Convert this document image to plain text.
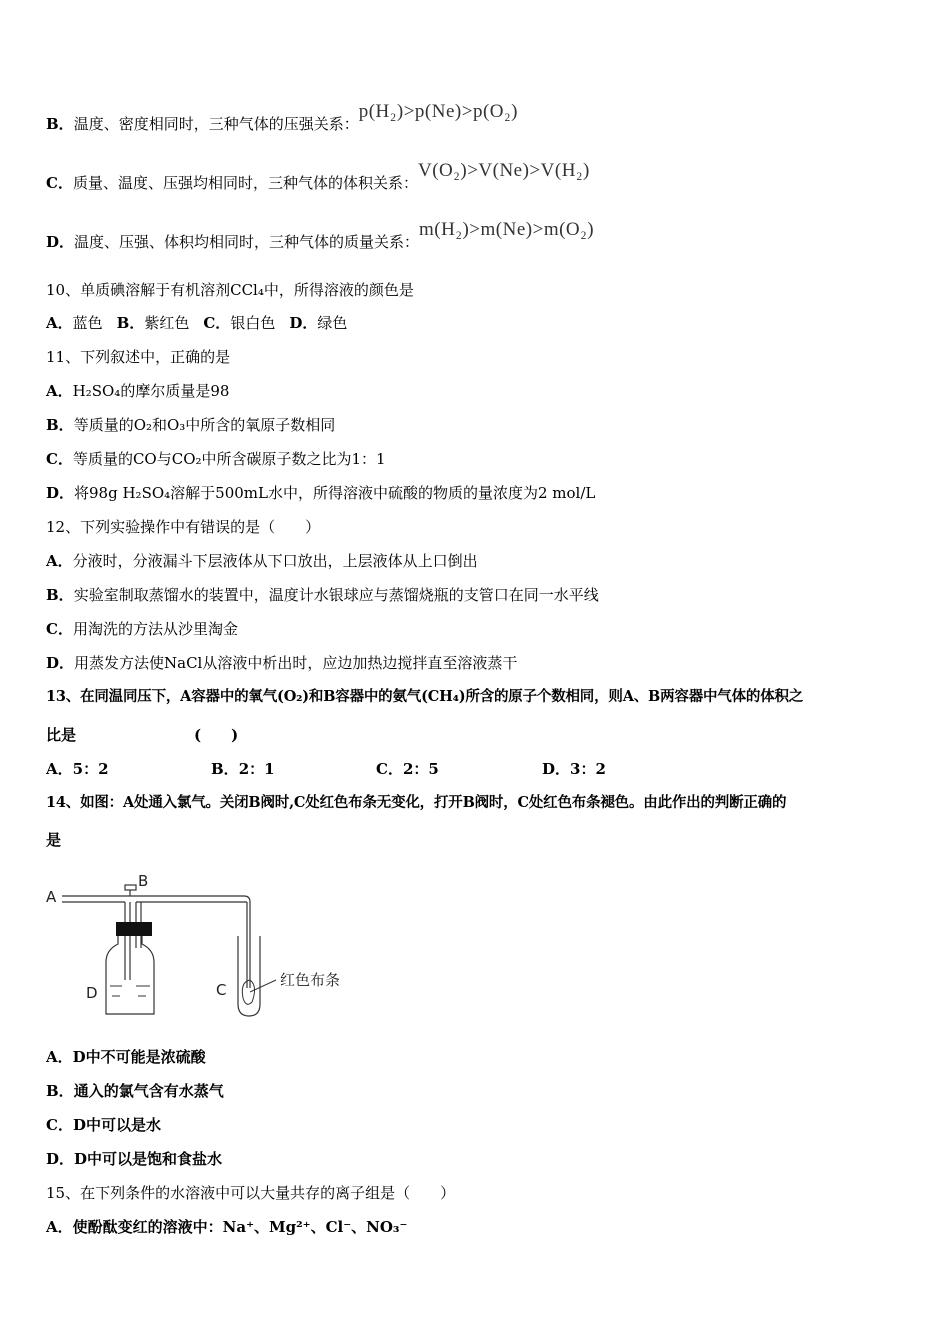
B．温度、密度相同时，三种气体的压强关系：p(H₂)>p(Ne)>p(O₂)
C．质量、温度、压强均相同时，三种气体的体积关系：V(O₂)>V(Ne)>V(H₂)
D．温度、压强、体积均相同时，三种气体的质量关系：m(H₂)>m(Ne)>m(O₂)
10、单质碘溶解于有机溶剂CCl₄中，所得溶液的颜色是
A．蓝色 B．紫红色 C．银白色 D．绿色
11、下列叙述中，正确的是
A．H₂SO₄的摩尔质量是98
B．等质量的O₂和O₃中所含的氧原子数相同
C．等质量的CO与CO₂中所含碳原子数之比为1：1
D．将98g H₂SO₄溶解于500mL水中，所得溶液中硫酸的物质的量浓度为2 mol/L
12、下列实验操作中有错误的是（　　）
A．分液时，分液漏斗下层液体从下口放出，上层液体从上口倒出
B．实验室制取蒸馏水的装置中，温度计水银球应与蒸馏烧瓶的支管口在同一水平线
C．用淘洗的方法从沙里淘金
D．用蒸发方法使NaCl从溶液中析出时，应边加热边搅拌直至溶液蒸干
13、在同温同压下，A容器中的氧气(O₂)和B容器中的氨气(CH₄)所含的原子个数相同，则A、B两容器中气体的体积之
比是	(　　)
A．5：2	B．2：1	C．2：5	D．3：2
14、如图：A处通入氯气。关闭B阀时,C处红色布条无变化，打开B阀时，C处红色布条褪色。由此作出的判断正确的
是
A
B
D	C
红色布条
A．D中不可能是浓硫酸
B．通入的氯气含有水蒸气
C．D中可以是水
D．D中可以是饱和食盐水
15、在下列条件的水溶液中可以大量共存的离子组是（　　）
A．使酚酞变红的溶液中：Na⁺、Mg²⁺、Cl⁻、NO₃⁻
